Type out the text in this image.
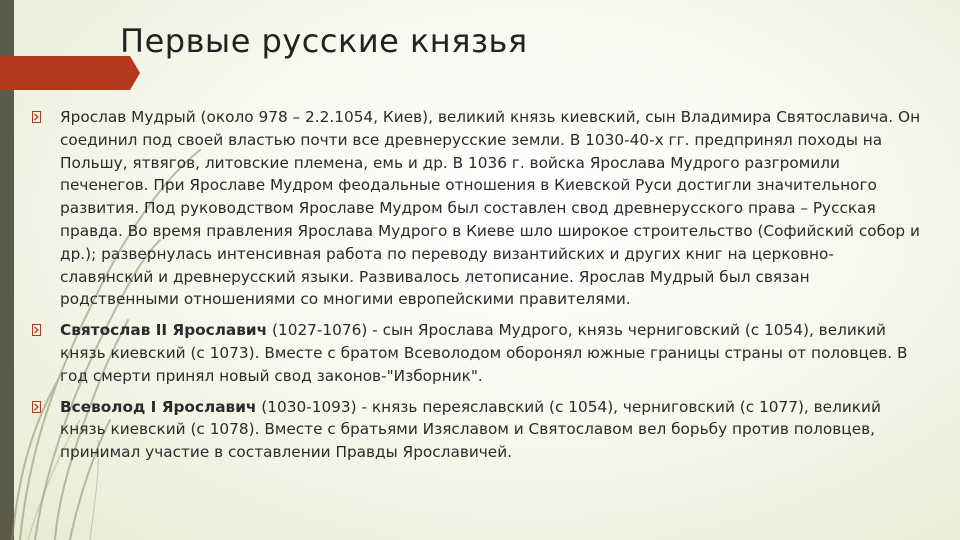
Первые русские князья
Ярослав Мудрый (около 978 – 2.2.1054, Киев), великий князь киевский, сын Владимира Святославича. Он соединил под своей властью почти все древнерусские земли. В 1030-40-х гг. предпринял походы на Польшу, ятвягов, литовские племена, емь и др. В 1036 г. войска Ярослава Мудрого разгромили печенегов. При Ярославе Мудром феодальные отношения в Киевской Руси достигли значительного развития. Под руководством Ярославе Мудром был составлен свод древнерусского права – Русская правда. Во время правления Ярослава Мудрого в Киеве шло широкое строительство (Софийский собор и др.); развернулась интенсивная работа по переводу византийских и других книг на церковно-славянский и древнерусский языки. Развивалось летописание. Ярослав Мудрый был связан родственными отношениями со многими европейскими правителями.
Святослав II Ярославич (1027-1076) - сын Ярослава Мудрого, князь черниговский (с 1054), великий князь киевский (с 1073). Вместе с братом Всеволодом оборонял южные границы страны от половцев. В год смерти принял новый свод законов-"Изборник".
Всеволод I Ярославич (1030-1093) - князь переяславский (с 1054), черниговский (с 1077), великий князь киевский (с 1078). Вместе с братьями Изяславом и Святославом вел борьбу против половцев, принимал участие в составлении Правды Ярославичей.
